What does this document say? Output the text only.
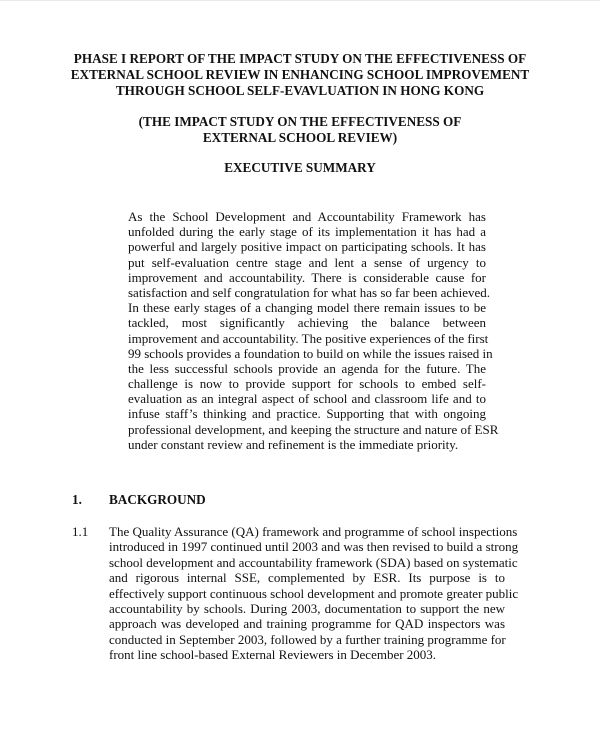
PHASE I REPORT OF THE IMPACT STUDY ON THE EFFECTIVENESS OF
EXTERNAL SCHOOL REVIEW IN ENHANCING SCHOOL IMPROVEMENT
THROUGH SCHOOL SELF-EVAVLUATION IN HONG KONG
(THE IMPACT STUDY ON THE EFFECTIVENESS OF
EXTERNAL SCHOOL REVIEW)
EXECUTIVE SUMMARY
As the School Development and Accountability Framework has
unfolded during the early stage of its implementation it has had a
powerful and largely positive impact on participating schools. It has
put self-evaluation centre stage and lent a sense of urgency to
improvement and accountability. There is considerable cause for
satisfaction and self congratulation for what has so far been achieved.
In these early stages of a changing model there remain issues to be
tackled, most significantly achieving the balance between
improvement and accountability. The positive experiences of the first
99 schools provides a foundation to build on while the issues raised in
the less successful schools provide an agenda for the future. The
challenge is now to provide support for schools to embed self-
evaluation as an integral aspect of school and classroom life and to
infuse staff’s thinking and practice. Supporting that with ongoing
professional development, and keeping the structure and nature of ESR
under constant review and refinement is the immediate priority.
1. BACKGROUND
1.1 The Quality Assurance (QA) framework and programme of school inspections
introduced in 1997 continued until 2003 and was then revised to build a strong
school development and accountability framework (SDA) based on systematic
and rigorous internal SSE, complemented by ESR. Its purpose is to
effectively support continuous school development and promote greater public
accountability by schools. During 2003, documentation to support the new
approach was developed and training programme for QAD inspectors was
conducted in September 2003, followed by a further training programme for
front line school-based External Reviewers in December 2003.
